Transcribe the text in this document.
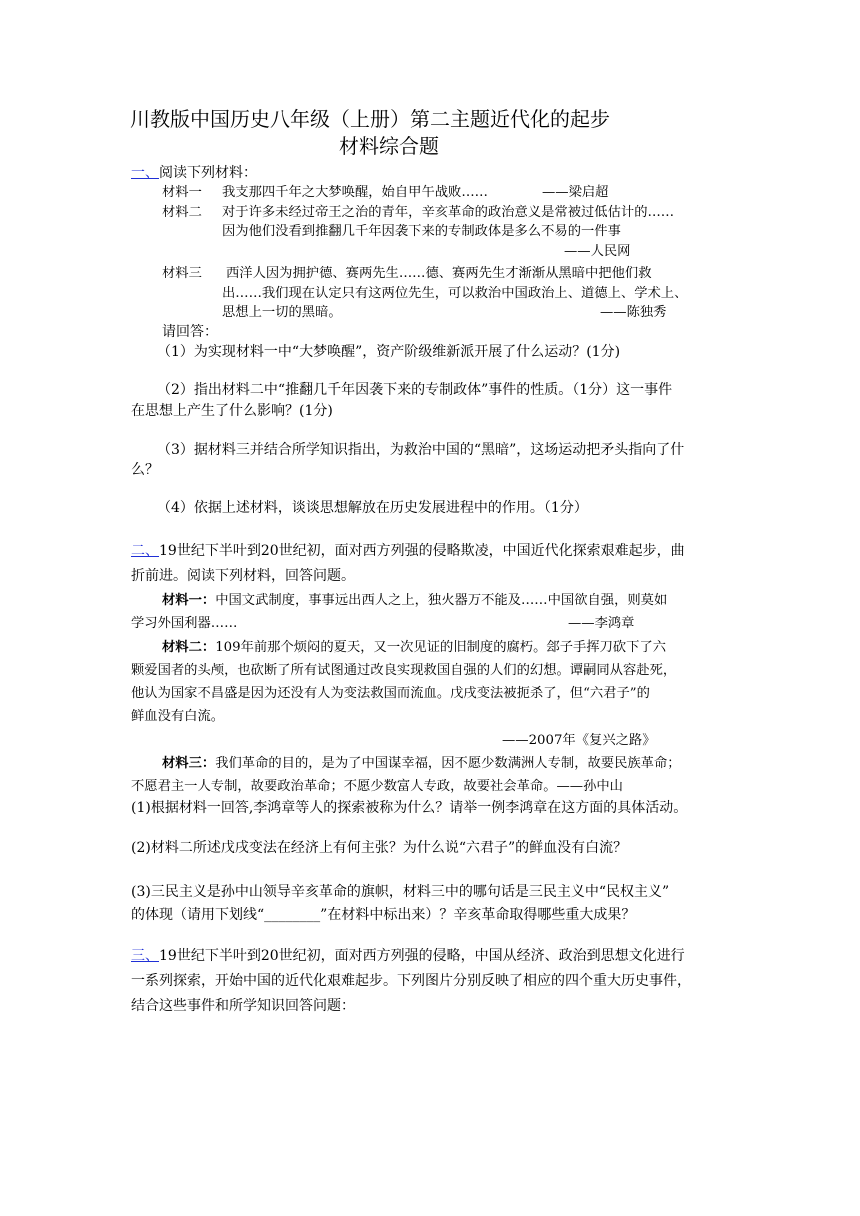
川教版中国历史八年级（上册）第二主题近代化的起步
材料综合题
一、阅读下列材料：
材料一 我支那四千年之大梦唤醒，始自甲午战败……	——梁启超
材料二 对于许多未经过帝王之治的青年，辛亥革命的政治意义是常被过低估计的……
因为他们没看到推翻几千年因袭下来的专制政体是多么不易的一件事
——人民网
材料三 西洋人因为拥护德、赛两先生……德、赛两先生才渐渐从黑暗中把他们救
出……我们现在认定只有这两位先生，可以救治中国政治上、道德上、学术上、
思想上一切的黑暗。	——陈独秀
请回答：
（1）为实现材料一中“大梦唤醒”，资产阶级维新派开展了什么运动？(1分)
（2）指出材料二中“推翻几千年因袭下来的专制政体”事件的性质。（1分）这一事件
在思想上产生了什么影响？(1分)
（3）据材料三并结合所学知识指出，为救治中国的“黑暗”，这场运动把矛头指向了什
么？
（4）依据上述材料，谈谈思想解放在历史发展进程中的作用。（1分）
二、19世纪下半叶到20世纪初，面对西方列强的侵略欺凌，中国近代化探索艰难起步，曲
折前进。阅读下列材料，回答问题。
材料一：中国文武制度，事事远出西人之上，独火器万不能及……中国欲自强，则莫如
学习外国利器……	——李鸿章
材料二：109年前那个烦闷的夏天，又一次见证的旧制度的腐朽。郐子手挥刀砍下了六
颗爱国者的头颅，也砍断了所有试图通过改良实现救国自强的人们的幻想。谭嗣同从容赴死，
他认为国家不昌盛是因为还没有人为变法救国而流血。戊戌变法被扼杀了，但“六君子”的
鲜血没有白流。
——2007年《复兴之路》
材料三：我们革命的目的，是为了中国谋幸福，因不愿少数满洲人专制，故要民族革命；
不愿君主一人专制，故要政治革命；不愿少数富人专政，故要社会革命。——孙中山
(1)根据材料一回答,李鸿章等人的探索被称为什么？请举一例李鸿章在这方面的具体活动。
(2)材料二所述戊戌变法在经济上有何主张？为什么说“六君子”的鲜血没有白流？
(3)三民主义是孙中山领导辛亥革命的旗帜，材料三中的哪句话是三民主义中“民权主义”
的体现（请用下划线“________”在材料中标出来）？辛亥革命取得哪些重大成果？
三、19世纪下半叶到20世纪初，面对西方列强的侵略，中国从经济、政治到思想文化进行
一系列探索，开始中国的近代化艰难起步。下列图片分别反映了相应的四个重大历史事件，
结合这些事件和所学知识回答问题：
